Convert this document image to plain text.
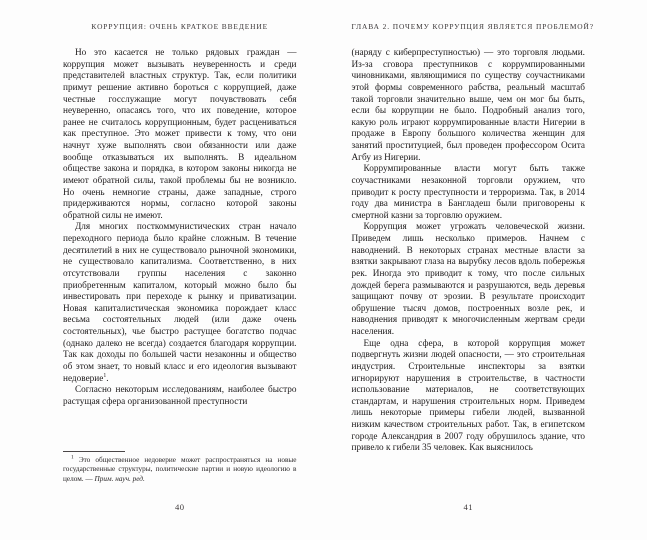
КОРРУПЦИЯ: ОЧЕНЬ КРАТКОЕ ВВЕДЕНИЕ

Но это касается не только рядовых граждан — коррупция может вызывать неуверенность и среди представителей властных структур. Так, если политики примут решение активно бороться с коррупцией, даже честные госслужащие могут почувствовать себя неуверенно, опасаясь того, что их поведение, которое ранее не считалось коррупционным, будет расцениваться как преступное. Это может привести к тому, что они начнут хуже выполнять свои обязанности или даже вообще отказываться их выполнять. В идеальном обществе закона и порядка, в котором законы никогда не имеют обратной силы, такой проблемы бы не возникло. Но очень немногие страны, даже западные, строго придерживаются нормы, согласно которой законы обратной силы не имеют.

Для многих посткоммунистических стран начало переходного периода было крайне сложным. В течение десятилетий в них не существовало рыночной экономики, не существовало капитализма. Соответственно, в них отсутствовали группы населения с законно приобретенным капиталом, который можно было бы инвестировать при переходе к рынку и приватизации. Новая капиталистическая экономика порождает класс весьма состоятельных людей (или даже очень состоятельных), чье быстро растущее богатство подчас (однако далеко не всегда) создается благодаря коррупции. Так как доходы по большей части незаконны и общество об этом знает, то новый класс и его идеология вызывают недоверие$^1$.

Согласно некоторым исследованиям, наиболее быстро растущая сфера организованной преступности

$^1$ Это общественное недоверие может распространяться на новые государственные структуры, политические партии и новую идеологию в целом. — Прим. науч. ред.
40
ГЛАВА 2. ПОЧЕМУ КОРРУПЦИЯ ЯВЛЯЕТСЯ ПРОБЛЕМОЙ?

(наряду с киберпреступностью) — это торговля людьми. Из-за сговора преступников с коррумпированными чиновниками, являющимися по существу соучастниками этой формы современного рабства, реальный масштаб такой торговли значительно выше, чем он мог бы быть, если бы коррупции не было. Подробный анализ того, какую роль играют коррумпированные власти Нигерии в продаже в Европу большого количества женщин для занятий проституцией, был проведен профессором Осита Агбу из Нигерии.

Коррумпированные власти могут быть также соучастниками незаконной торговли оружием, что приводит к росту преступности и терроризма. Так, в 2014 году два министра в Бангладеш были приговорены к смертной казни за торговлю оружием.

Коррупция может угрожать человеческой жизни. Приведем лишь несколько примеров. Начнем с наводнений. В некоторых странах местные власти за взятки закрывают глаза на вырубку лесов вдоль побережья рек. Иногда это приводит к тому, что после сильных дождей берега размываются и разрушаются, ведь деревья защищают почву от эрозии. В результате происходит обрушение тысяч домов, построенных возле рек, и наводнения приводят к многочисленным жертвам среди населения.

Еще одна сфера, в которой коррупция может подвергнуть жизни людей опасности, — это строительная индустрия. Строительные инспекторы за взятки игнорируют нарушения в строительстве, в частности использование материалов, не соответствующих стандартам, и нарушения строительных норм. Приведем лишь некоторые примеры гибели людей, вызванной низким качеством строительных работ. Так, в египетском городе Александрия в 2007 году обрушилось здание, что привело к гибели 35 человек. Как выяснилось

41
